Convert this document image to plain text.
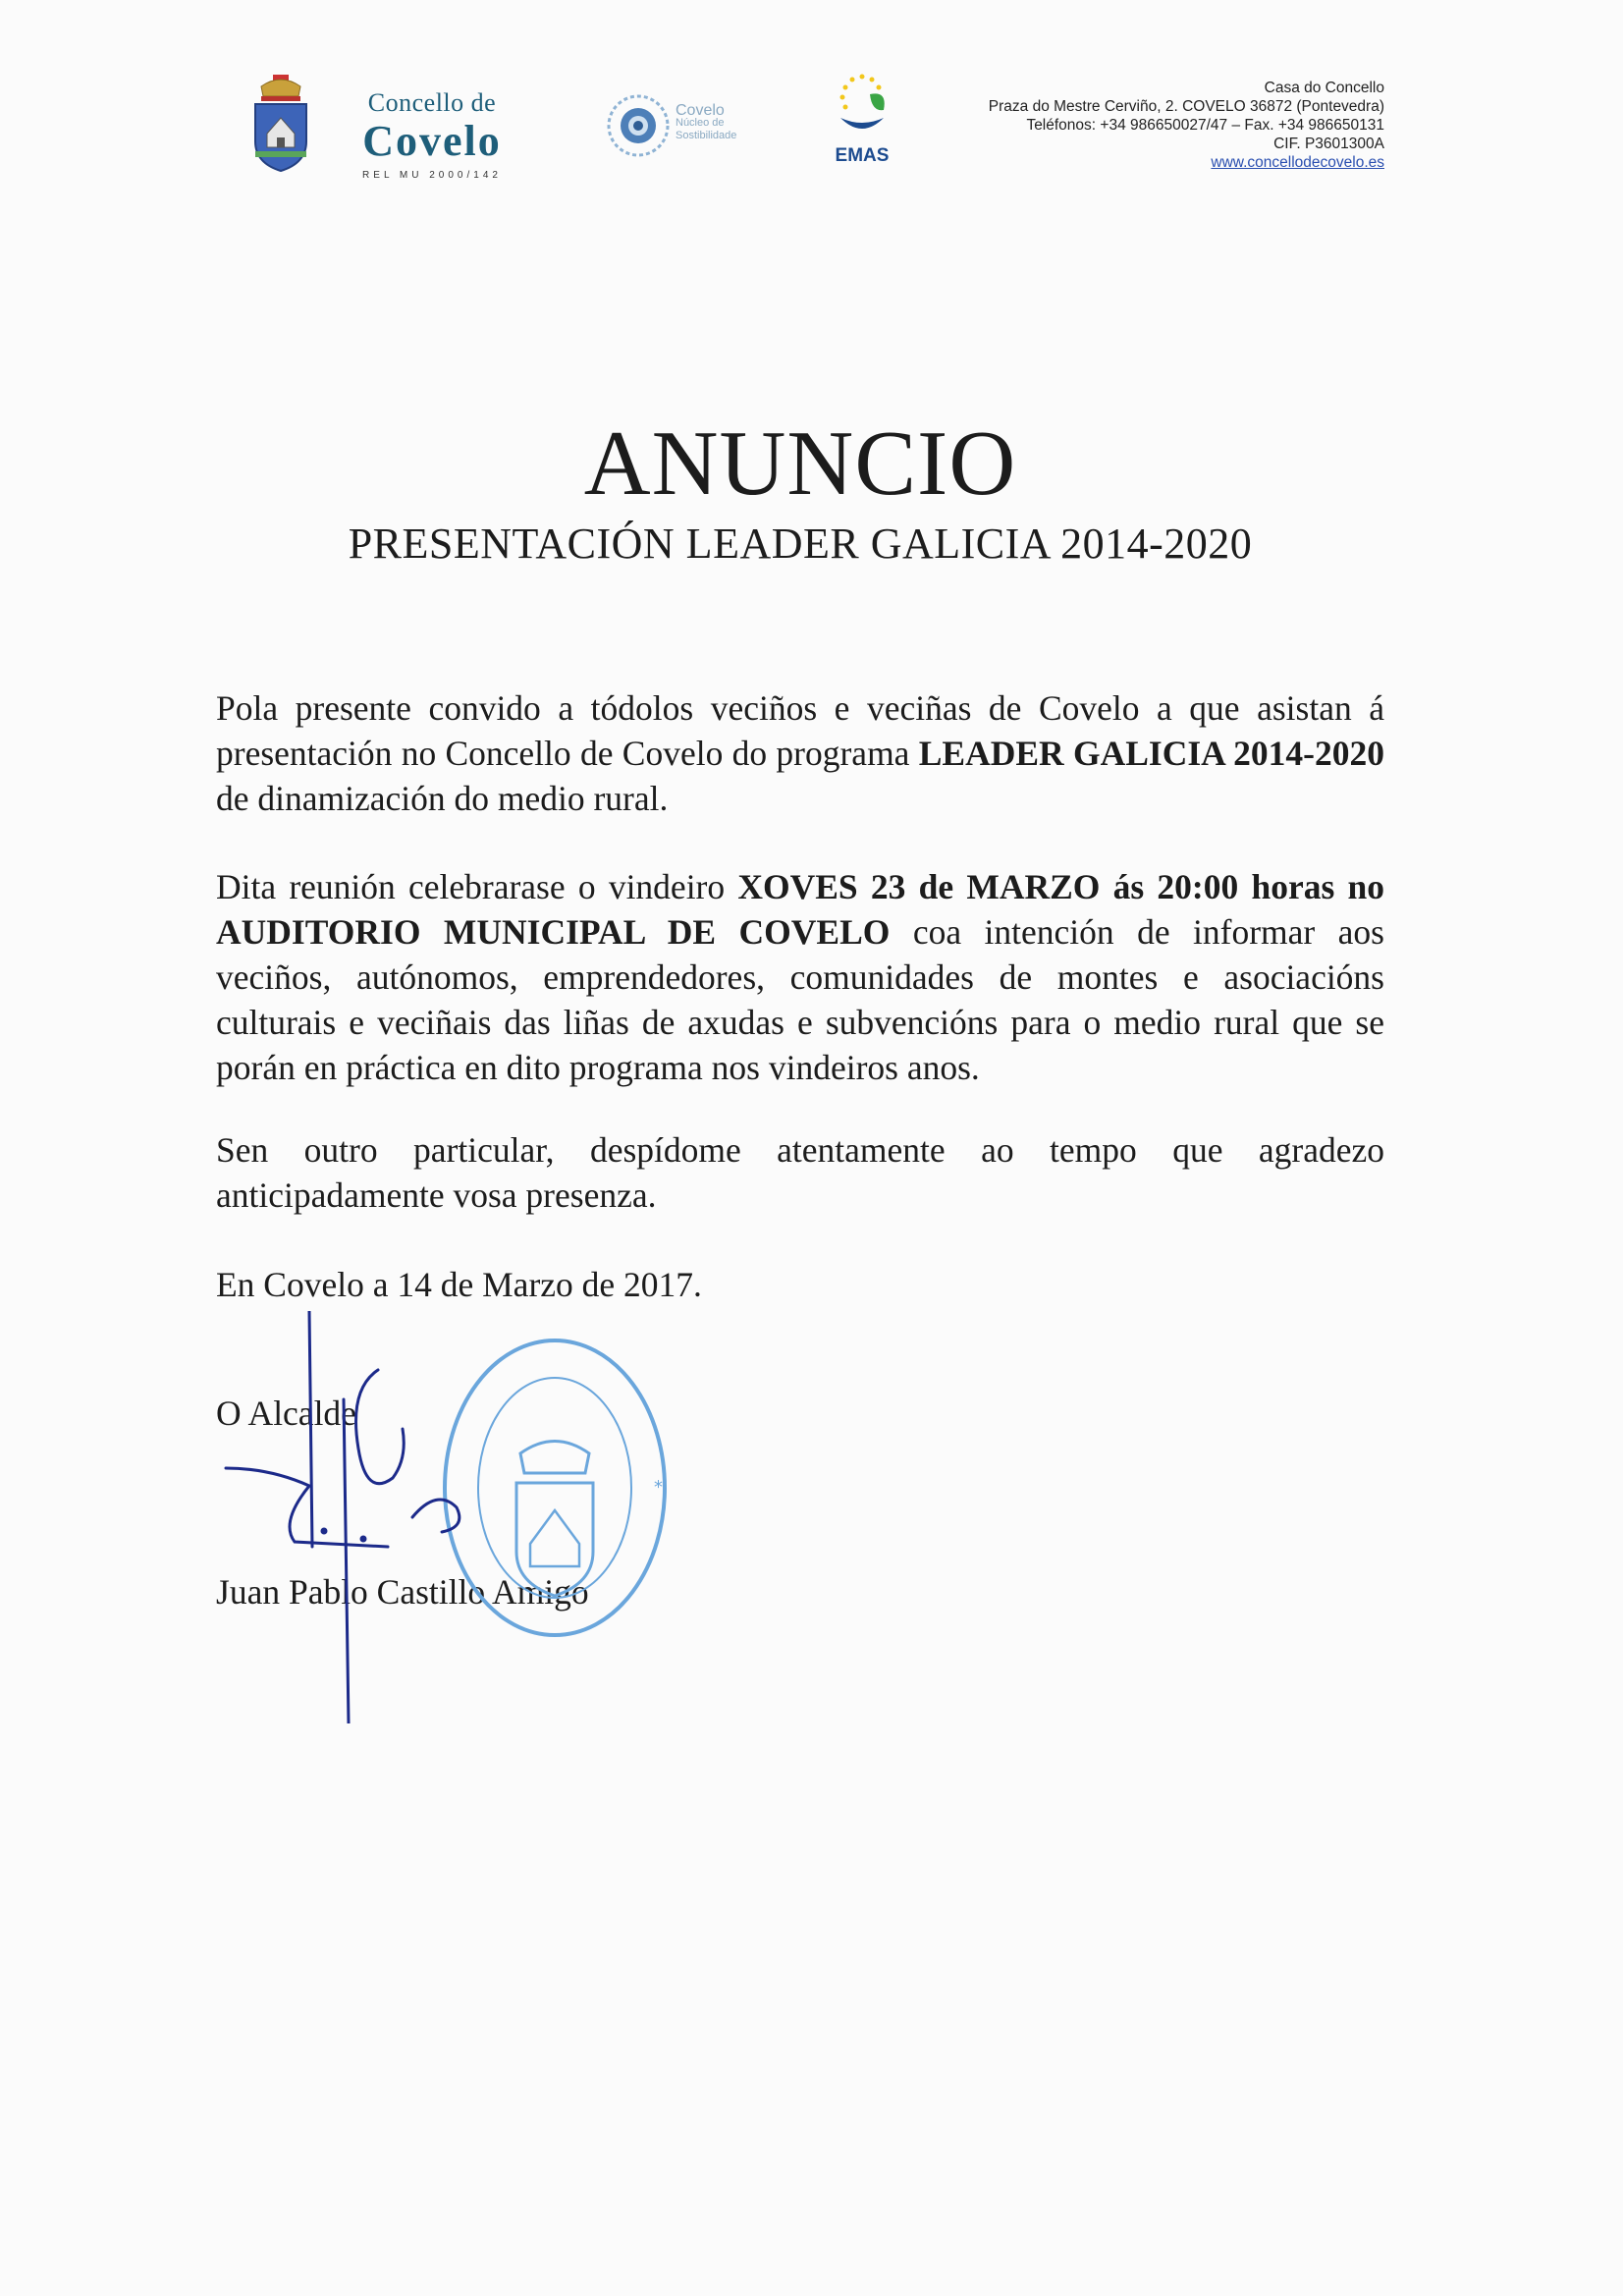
Concello de
Covelo
REL MU 2000/142
Covelo
Núcleo de
Sostibilidade
EMAS
Casa do Concello
Praza do Mestre Cerviño, 2. COVELO 36872 (Pontevedra)
Teléfonos: +34 986650027/47 – Fax. +34 986650131
CIF. P3601300A
www.concellodecovelo.es
ANUNCIO
PRESENTACIÓN LEADER GALICIA 2014-2020
Pola presente convido a tódolos veciños e veciñas de Covelo a que asistan á presentación no Concello de Covelo do programa LEADER GALICIA 2014-2020 de dinamización do medio rural.
Dita reunión celebrarase o vindeiro XOVES 23 de MARZO ás 20:00 horas no AUDITORIO MUNICIPAL DE COVELO coa intención de informar aos veciños, autónomos, emprendedores, comunidades de montes e asociacións culturais e veciñais das liñas de axudas e subvencións para o medio rural que se porán en práctica en dito programa nos vindeiros anos.
Sen outro particular, despídome atentamente ao tempo que agradezo anticipadamente vosa presenza.
En Covelo a 14 de Marzo de 2017.
O Alcalde
Juan Pablo Castillo Amigo
*
